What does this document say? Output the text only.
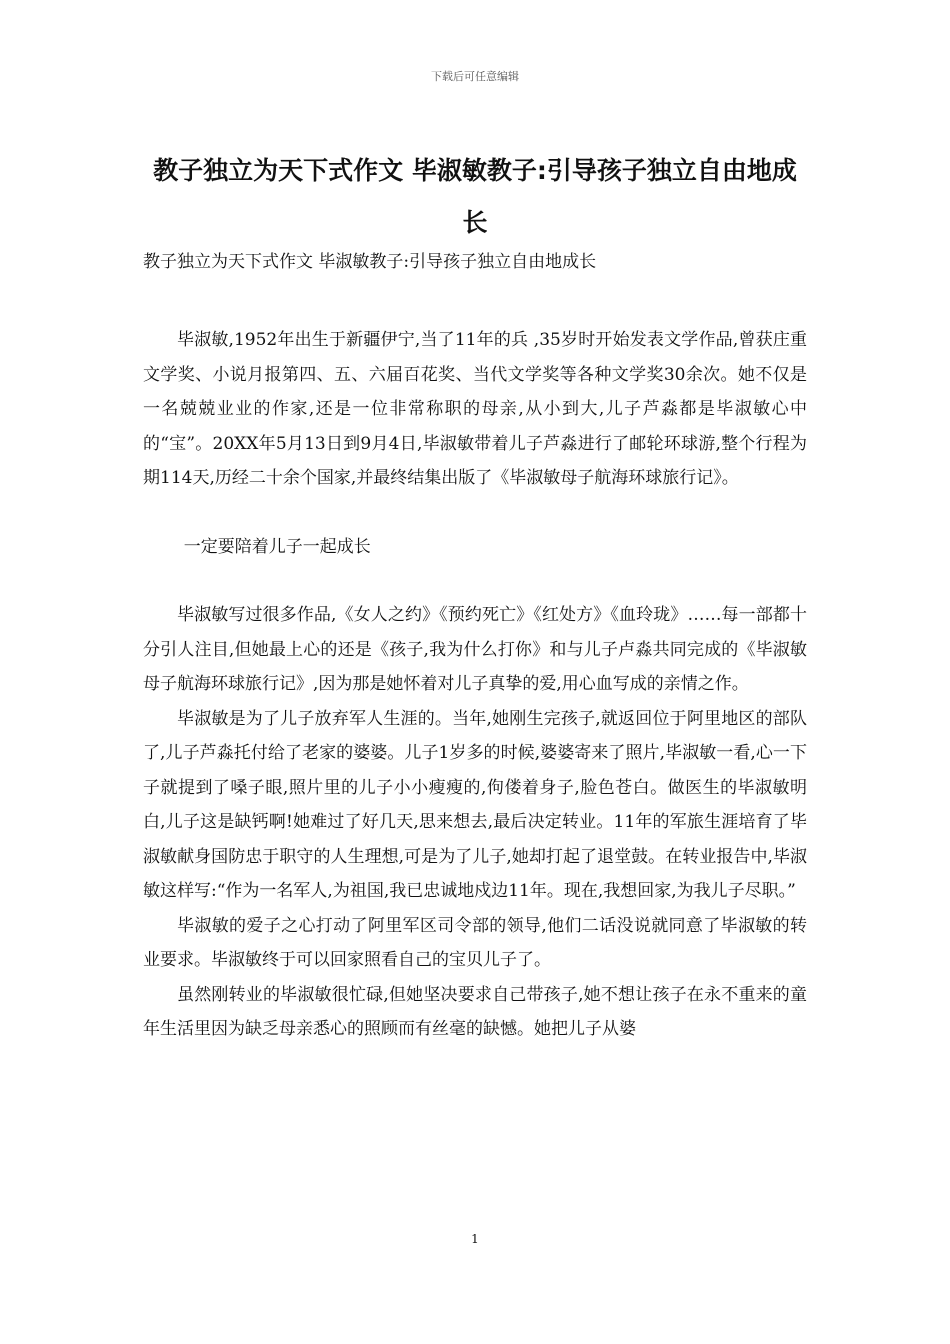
下载后可任意编辑
教子独立为天下式作文 毕淑敏教子:引导孩子独立自由地成长
教子独立为天下式作文 毕淑敏教子:引导孩子独立自由地成长

毕淑敏,1952年出生于新疆伊宁,当了11年的兵 ,35岁时开始发表文学作品,曾获庄重文学奖、小说月报第四、五、六届百花奖、当代文学奖等各种文学奖30余次。她不仅是一名兢兢业业的作家,还是一位非常称职的母亲,从小到大,儿子芦淼都是毕淑敏心中的“宝”。20XX年5月13日到9月4日,毕淑敏带着儿子芦淼进行了邮轮环球游,整个行程为期114天,历经二十余个国家,并最终结集出版了《毕淑敏母子航海环球旅行记》。

一定要陪着儿子一起成长

毕淑敏写过很多作品,《女人之约》《预约死亡》《红处方》《血玲珑》……每一部都十分引人注目,但她最上心的还是《孩子,我为什么打你》和与儿子卢淼共同完成的《毕淑敏母子航海环球旅行记》,因为那是她怀着对儿子真挚的爱,用心血写成的亲情之作。

毕淑敏是为了儿子放弃军人生涯的。当年,她刚生完孩子,就返回位于阿里地区的部队了,儿子芦淼托付给了老家的婆婆。儿子1岁多的时候,婆婆寄来了照片,毕淑敏一看,心一下子就提到了嗓子眼,照片里的儿子小小瘦瘦的,佝偻着身子,脸色苍白。做医生的毕淑敏明白,儿子这是缺钙啊!她难过了好几天,思来想去,最后决定转业。11年的军旅生涯培育了毕淑敏献身国防忠于职守的人生理想,可是为了儿子,她却打起了退堂鼓。在转业报告中,毕淑敏这样写:“作为一名军人,为祖国,我已忠诚地戍边11年。现在,我想回家,为我儿子尽职。”

毕淑敏的爱子之心打动了阿里军区司令部的领导,他们二话没说就同意了毕淑敏的转业要求。毕淑敏终于可以回家照看自己的宝贝儿子了。

虽然刚转业的毕淑敏很忙碌,但她坚决要求自己带孩子,她不想让孩子在永不重来的童年生活里因为缺乏母亲悉心的照顾而有丝毫的缺憾。她把儿子从婆

1
